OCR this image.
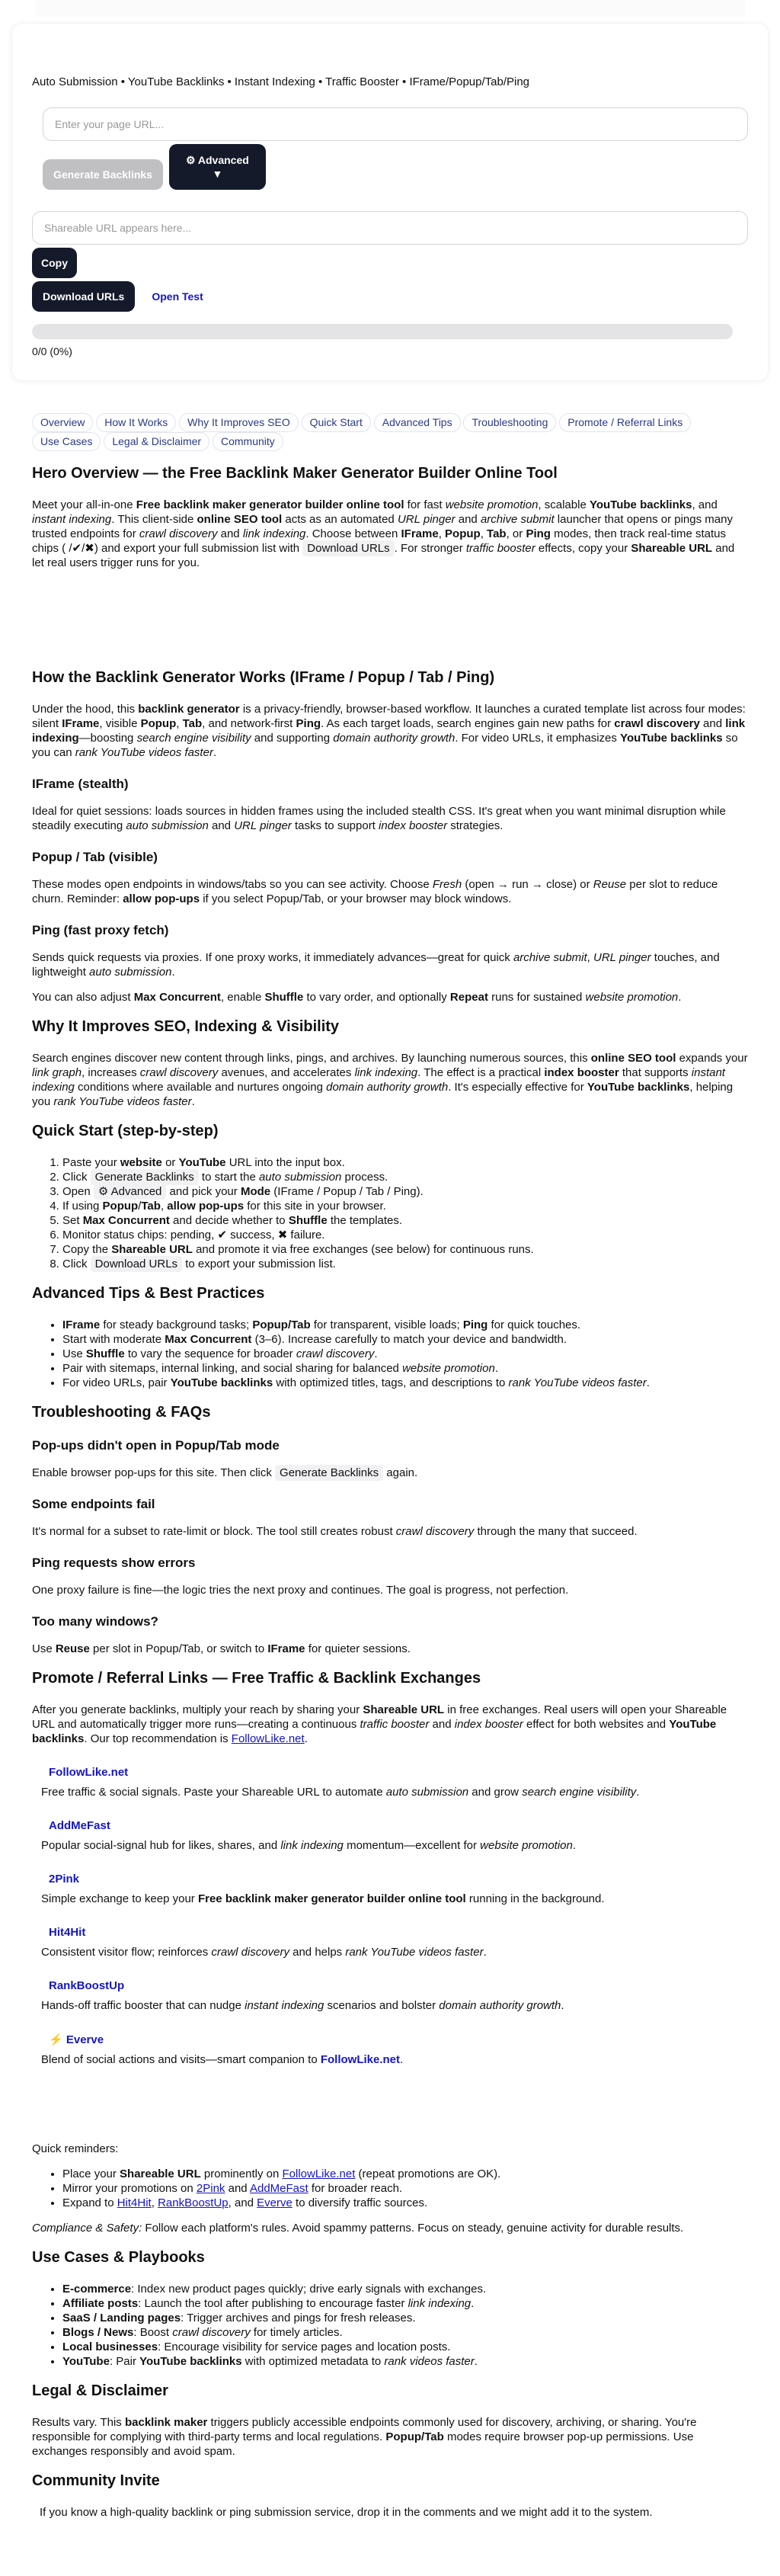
Auto Submission • YouTube Backlinks • Instant Indexing • Traffic Booster • IFrame/Popup/Tab/Ping
Enter your page URL...
Generate Backlinks
⚙ Advanced
▼
Shareable URL appears here...
Copy
Download URLs	Open Test
0/0 (0%)
Overview How It Works Why It Improves SEO Quick Start Advanced Tips Troubleshooting Promote / Referral Links Use Cases Legal & Disclaimer Community
Hero Overview — the Free Backlink Maker Generator Builder Online Tool

Meet your all-in-one Free backlink maker generator builder online tool for fast website promotion, scalable YouTube backlinks, and instant indexing. This client-side online SEO tool acts as an automated URL pinger and archive submit launcher that opens or pings many trusted endpoints for crawl discovery and link indexing. Choose between IFrame, Popup, Tab, or Ping modes, then track real-time status chips ( /✔/✖) and export your full submission list with Download URLs . For stronger traffic booster effects, copy your Shareable URL and let real users trigger runs for you.

How the Backlink Generator Works (IFrame / Popup / Tab / Ping)

Under the hood, this backlink generator is a privacy-friendly, browser-based workflow. It launches a curated template list across four modes: silent IFrame, visible Popup, Tab, and network-first Ping. As each target loads, search engines gain new paths for crawl discovery and link indexing—boosting search engine visibility and supporting domain authority growth. For video URLs, it emphasizes YouTube backlinks so you can rank YouTube videos faster.

IFrame (stealth)

Ideal for quiet sessions: loads sources in hidden frames using the included stealth CSS. It's great when you want minimal disruption while steadily executing auto submission and URL pinger tasks to support index booster strategies.

Popup / Tab (visible)

These modes open endpoints in windows/tabs so you can see activity. Choose Fresh (open → run → close) or Reuse per slot to reduce churn. Reminder: allow pop-ups if you select Popup/Tab, or your browser may block windows.

Ping (fast proxy fetch)

Sends quick requests via proxies. If one proxy works, it immediately advances—great for quick archive submit, URL pinger touches, and lightweight auto submission.

You can also adjust Max Concurrent, enable Shuffle to vary order, and optionally Repeat runs for sustained website promotion.

Why It Improves SEO, Indexing & Visibility

Search engines discover new content through links, pings, and archives. By launching numerous sources, this online SEO tool expands your link graph, increases crawl discovery avenues, and accelerates link indexing. The effect is a practical index booster that supports instant indexing conditions where available and nurtures ongoing domain authority growth. It's especially effective for YouTube backlinks, helping you rank YouTube videos faster.

Quick Start (step-by-step)
1. Paste your website or YouTube URL into the input box.
2. Click Generate Backlinks to start the auto submission process.
3. Open ⚙ Advanced and pick your Mode (IFrame / Popup / Tab / Ping).
4. If using Popup/Tab, allow pop-ups for this site in your browser.
5. Set Max Concurrent and decide whether to Shuffle the templates.
6. Monitor status chips: pending, ✔ success, ✖ failure.
7. Copy the Shareable URL and promote it via free exchanges (see below) for continuous runs.
8. Click Download URLs to export your submission list.
Advanced Tips & Best Practices
• IFrame for steady background tasks; Popup/Tab for transparent, visible loads; Ping for quick touches.
• Start with moderate Max Concurrent (3–6). Increase carefully to match your device and bandwidth.
• Use Shuffle to vary the sequence for broader crawl discovery.
• Pair with sitemaps, internal linking, and social sharing for balanced website promotion.
• For video URLs, pair YouTube backlinks with optimized titles, tags, and descriptions to rank YouTube videos faster.
Troubleshooting & FAQs
Pop-ups didn't open in Popup/Tab mode

Enable browser pop-ups for this site. Then click Generate Backlinks again.

Some endpoints fail

It's normal for a subset to rate-limit or block. The tool still creates robust crawl discovery through the many that succeed.

Ping requests show errors

One proxy failure is fine—the logic tries the next proxy and continues. The goal is progress, not perfection.

Too many windows?

Use Reuse per slot in Popup/Tab, or switch to IFrame for quieter sessions.

Promote / Referral Links — Free Traffic & Backlink Exchanges

After you generate backlinks, multiply your reach by sharing your Shareable URL in free exchanges. Real users will open your Shareable URL and automatically trigger more runs—creating a continuous traffic booster and index booster effect for both websites and YouTube backlinks. Our top recommendation is FollowLike.net.

FollowLike.net

Free traffic & social signals. Paste your Shareable URL to automate auto submission and grow search engine visibility.

AddMeFast

Popular social-signal hub for likes, shares, and link indexing momentum—excellent for website promotion.

2Pink

Simple exchange to keep your Free backlink maker generator builder online tool running in the background.

Hit4Hit

Consistent visitor flow; reinforces crawl discovery and helps rank YouTube videos faster.

RankBoostUp

Hands-off traffic booster that can nudge instant indexing scenarios and bolster domain authority growth.

⚡ Everve

Blend of social actions and visits—smart companion to FollowLike.net.

Quick reminders:

• Place your Shareable URL prominently on FollowLike.net (repeat promotions are OK).
• Mirror your promotions on 2Pink and AddMeFast for broader reach.
• Expand to Hit4Hit, RankBoostUp, and Everve to diversify traffic sources.

Compliance & Safety: Follow each platform's rules. Avoid spammy patterns. Focus on steady, genuine activity for durable results.

Use Cases & Playbooks
• E-commerce: Index new product pages quickly; drive early signals with exchanges.
• Affiliate posts: Launch the tool after publishing to encourage faster link indexing.
• SaaS / Landing pages: Trigger archives and pings for fresh releases.
• Blogs / News: Boost crawl discovery for timely articles.
• Local businesses: Encourage visibility for service pages and location posts.
• YouTube: Pair YouTube backlinks with optimized metadata to rank videos faster.
Legal & Disclaimer

Results vary. This backlink maker triggers publicly accessible endpoints commonly used for discovery, archiving, or sharing. You're responsible for complying with third-party terms and local regulations. Popup/Tab modes require browser pop-up permissions. Use exchanges responsibly and avoid spam.

Community Invite

If you know a high-quality backlink or ping submission service, drop it in the comments and we might add it to the system.
